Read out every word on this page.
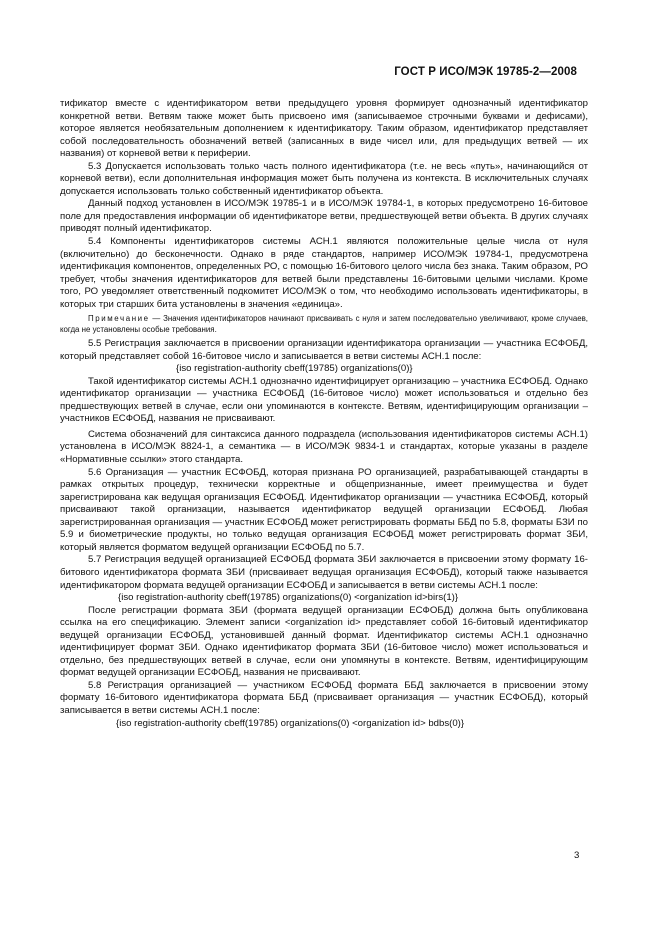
ГОСТ Р ИСО/МЭК 19785-2—2008

тификатор вместе с идентификатором ветви предыдущего уровня формирует однозначный идентификатор конкретной ветви. Ветвям также может быть присвоено имя (записываемое строчными буквами и дефисами), которое является необязательным дополнением к идентификатору. Таким образом, идентификатор представляет собой последовательность обозначений ветвей (записанных в виде чисел или, для предыдущих ветвей — их названия) от корневой ветви к периферии.

5.3 Допускается использовать только часть полного идентификатора (т.е. не весь «путь», начинающийся от корневой ветви), если дополнительная информация может быть получена из контекста. В исключительных случаях допускается использовать только собственный идентификатор объекта.

Данный подход установлен в ИСО/МЭК 19785-1 и в ИСО/МЭК 19784-1, в которых предусмотрено 16-битовое поле для предоставления информации об идентификаторе ветви, предшествующей ветви объекта. В других случаях приводят полный идентификатор.

5.4 Компоненты идентификаторов системы АСН.1 являются положительные целые числа от нуля (включительно) до бесконечности. Однако в ряде стандартов, например ИСО/МЭК 19784-1, предусмотрена идентификация компонентов, определенных РО, с помощью 16-битового целого числа без знака. Таким образом, РО требует, чтобы значения идентификаторов для ветвей были представлены 16-битовыми целыми числами. Кроме того, РО уведомляет ответственный подкомитет ИСО/МЭК о том, что необходимо использовать идентификаторы, в которых три старших бита установлены в значения «единица».

Примечание — Значения идентификаторов начинают присваивать с нуля и затем последовательно увеличивают, кроме случаев, когда не установлены особые требования.

5.5 Регистрация заключается в присвоении организации идентификатора организации — участника ЕСФОБД, который представляет собой 16-битовое число и записывается в ветви системы АСН.1 после:

{iso registration-authority cbeff(19785) organizations(0)}

Такой идентификатор системы АСН.1 однозначно идентифицирует организацию – участника ЕСФОБД. Однако идентификатор организации — участника ЕСФОБД (16-битовое число) может использоваться и отдельно без предшествующих ветвей в случае, если они упоминаются в контексте. Ветвям, идентифицирующим организации – участников ЕСФОБД, названия не присваивают.

Система обозначений для синтаксиса данного подраздела (использования идентификаторов системы АСН.1) установлена в ИСО/МЭК 8824-1, а семантика — в ИСО/МЭК 9834-1 и стандартах, которые указаны в разделе «Нормативные ссылки» этого стандарта.

5.6 Организация — участник ЕСФОБД, которая признана РО организацией, разрабатывающей стандарты в рамках открытых процедур, технически корректные и общепризнанные, имеет преимущества и будет зарегистрирована как ведущая организация ЕСФОБД. Идентификатор организации — участника ЕСФОБД, который присваивают такой организации, называется идентификатор ведущей организации ЕСФОБД. Любая зарегистрированная организация — участник ЕСФОБД может регистрировать форматы ББД по 5.8, форматы БЗИ по 5.9 и биометрические продукты, но только ведущая организация ЕСФОБД может регистрировать формат ЗБИ, который является форматом ведущей организации ЕСФОБД по 5.7.

5.7 Регистрация ведущей организацией ЕСФОБД формата ЗБИ заключается в присвоении этому формату 16-битового идентификатора формата ЗБИ (присваивает ведущая организация ЕСФОБД), который также называется идентификатором формата ведущей организации ЕСФОБД и записывается в ветви системы АСН.1 после:

{iso registration-authority cbeff(19785) organizations(0) <organization id>birs(1)}

После регистрации формата ЗБИ (формата ведущей организации ЕСФОБД) должна быть опубликована ссылка на его спецификацию. Элемент записи <organization id> представляет собой 16-битовый идентификатор ведущей организации ЕСФОБД, установившей данный формат. Идентификатор системы АСН.1 однозначно идентифицирует формат ЗБИ. Однако идентификатор формата ЗБИ (16-битовое число) может использоваться и отдельно, без предшествующих ветвей в случае, если они упомянуты в контексте. Ветвям, идентифицирующим формат ведущей организации ЕСФОБД, названия не присваивают.

5.8 Регистрация организацией — участником ЕСФОБД формата ББД заключается в присвоении этому формату 16-битового идентификатора формата ББД (присваивает организация — участник ЕСФОБД), который записывается в ветви системы АСН.1 после:

{iso registration-authority cbeff(19785) organizations(0) <organization id> bdbs(0)}

3
